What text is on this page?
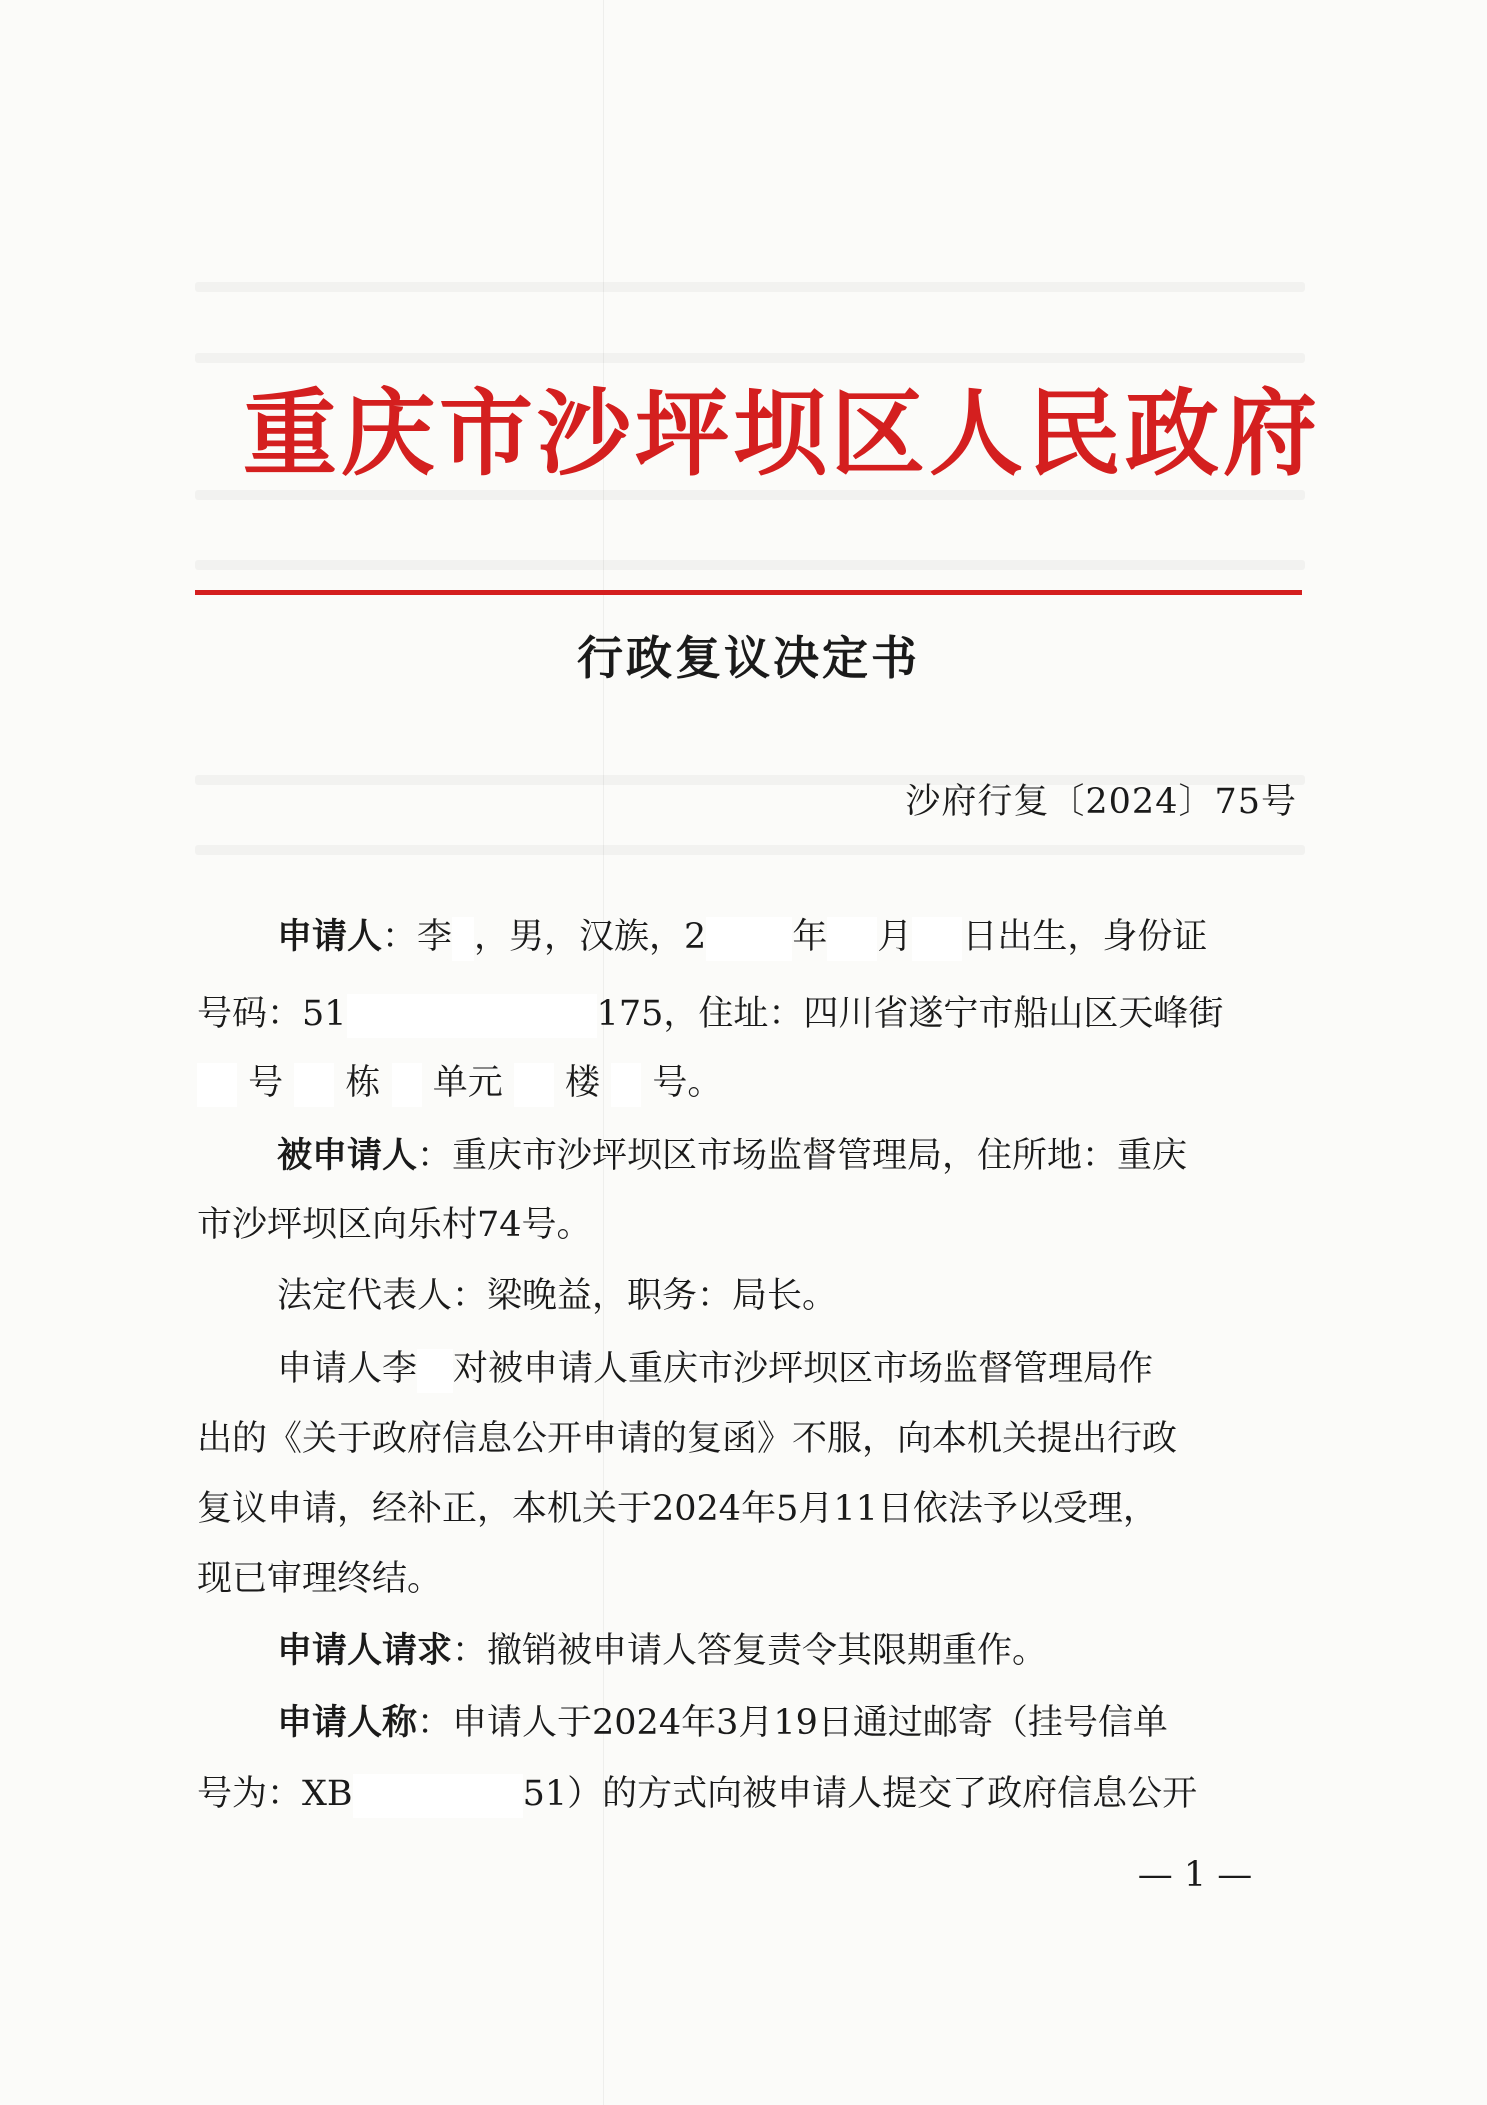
重庆市沙坪坝区人民政府
行政复议决定书
沙府行复〔2024〕75号
申请人：李 ，男，汉族，2 年 月 日出生，身份证
号码：51	175，住址：四川省遂宁市船山区天峰街
号 栋 单元 楼 号。
被申请人：重庆市沙坪坝区市场监督管理局，住所地：重庆
市沙坪坝区向乐村74号。
法定代表人：梁晚益，职务：局长。
申请人李 对被申请人重庆市沙坪坝区市场监督管理局作
出的《关于政府信息公开申请的复函》不服，向本机关提出行政
复议申请，经补正，本机关于2024年5月11日依法予以受理，
现已审理终结。
申请人请求：撤销被申请人答复责令其限期重作。
申请人称：申请人于2024年3月19日通过邮寄（挂号信单
号为：XB	51）的方式向被申请人提交了政府信息公开
— 1 —
